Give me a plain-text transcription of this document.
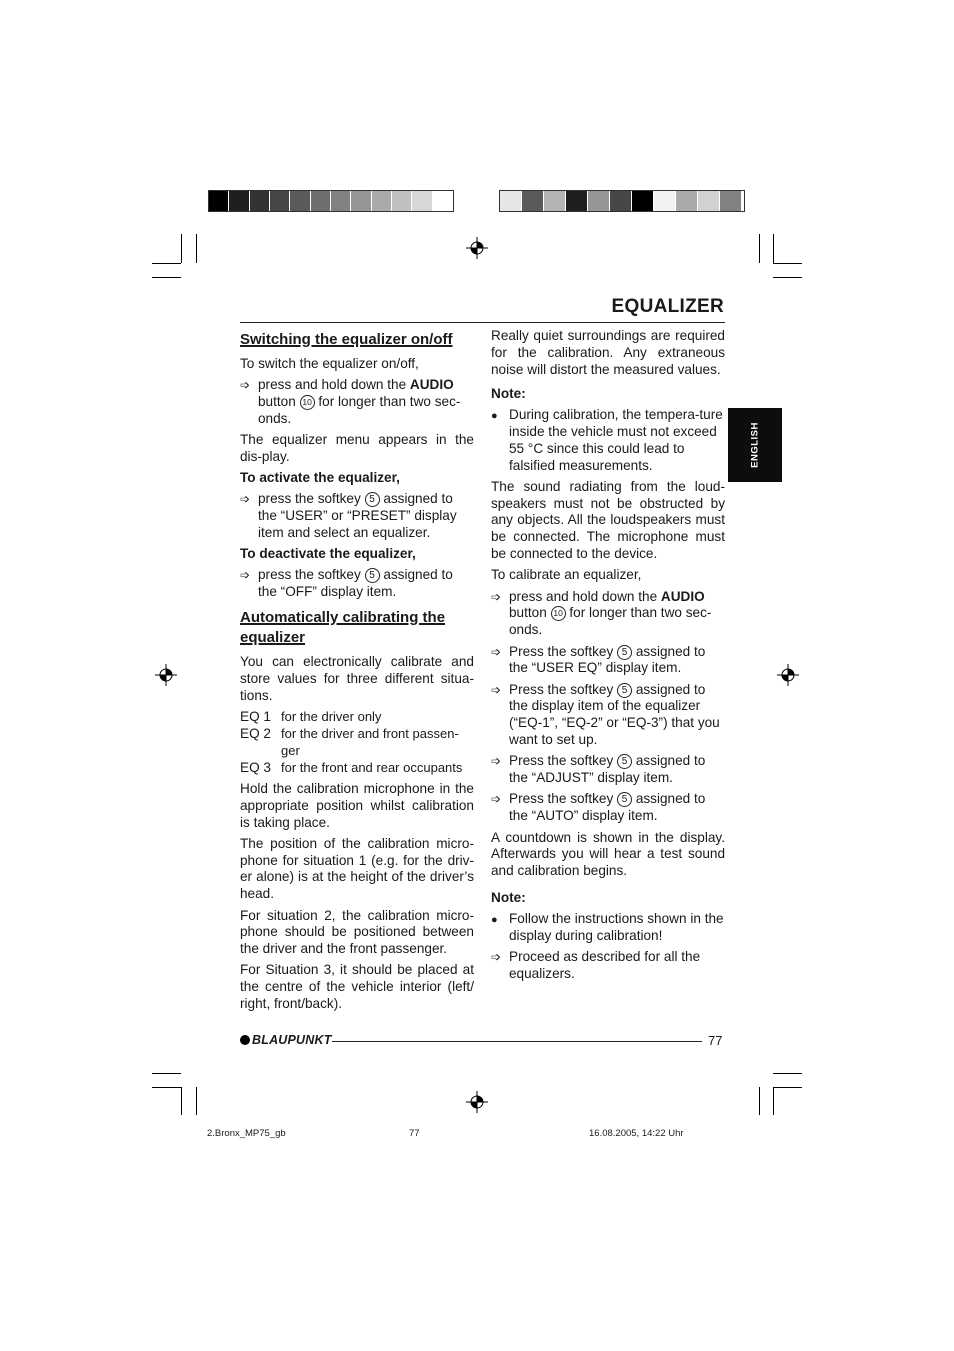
EQUALIZER
ENGLISH
Switching the equalizer on/off

To switch the equalizer on/off,

➩ press and hold down the AUDIO button 10 for longer than two sec-onds.

The equalizer menu appears in the dis-play.

To activate the equalizer,
➩ press the softkey 5 assigned to the “USER” or “PRESET” display item and select an equalizer.
To deactivate the equalizer,
➩ press the softkey 5 assigned to the “OFF” display item.
Automatically calibrating the equalizer

You can electronically calibrate and store values for three different situa-tions.

EQ 1 for the driver only
EQ 2 for the driver and front passen-ger
EQ 3 for the front and rear occupants

Hold the calibration microphone in the appropriate position whilst calibration is taking place.

The position of the calibration micro-phone for situation 1 (e.g. for the driv-er alone) is at the height of the driver’s head.

For situation 2, the calibration micro-phone should be positioned between the driver and the front passenger.

For Situation 3, it should be placed at the centre of the vehicle interior (left/ right, front/back).

Really quiet surroundings are required for the calibration. Any extraneous noise will distort the measured values.

Note:
● During calibration, the tempera-ture inside the vehicle must not exceed 55 °C since this could lead to falsified measurements.

The sound radiating from the loud-speakers must not be obstructed by any objects. All the loudspeakers must be connected. The microphone must be connected to the device.

To calibrate an equalizer,

➩ press and hold down the AUDIO button 10 for longer than two sec-onds.
➩ Press the softkey 5 assigned to the “USER EQ” display item.
➩ Press the softkey 5 assigned to the display item of the equalizer (“EQ-1”, “EQ-2” or “EQ-3”) that you want to set up.
➩ Press the softkey 5 assigned to the “ADJUST” display item.
➩ Press the softkey 5 assigned to the “AUTO” display item.

A countdown is shown in the display. Afterwards you will hear a test sound and calibration begins.

Note:
● Follow the instructions shown in the display during calibration!
➩ Proceed as described for all the equalizers.
BLAUPUNKT	77
2.Bronx_MP75_gb	77	16.08.2005, 14:22 Uhr
